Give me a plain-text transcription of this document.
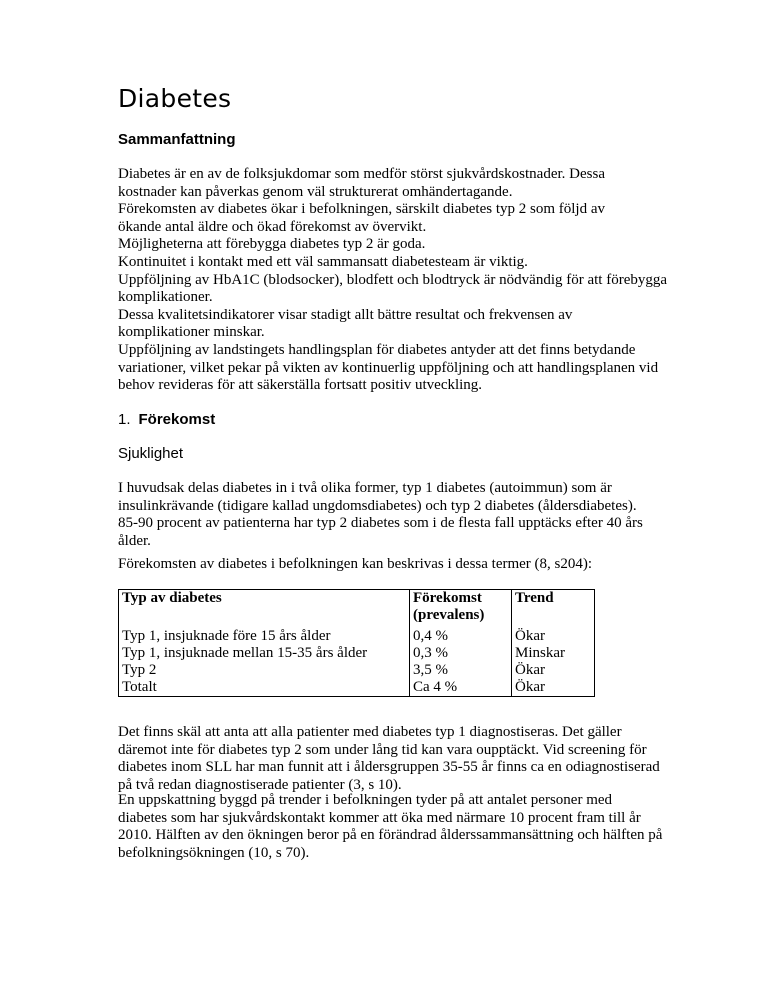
Diabetes
Sammanfattning
Diabetes är en av de folksjukdomar som medför störst sjukvårdskostnader. Dessa
kostnader kan påverkas genom väl strukturerat omhändertagande.
Förekomsten av diabetes ökar i befolkningen, särskilt diabetes typ 2 som följd av
ökande antal äldre och ökad förekomst av övervikt.
Möjligheterna att förebygga diabetes typ 2 är goda.
Kontinuitet i kontakt med ett väl sammansatt diabetesteam är viktig.
Uppföljning av HbA1C (blodsocker), blodfett och blodtryck är nödvändig för att förebygga
komplikationer.
Dessa kvalitetsindikatorer visar stadigt allt bättre resultat och frekvensen av
komplikationer minskar.
Uppföljning av landstingets handlingsplan för diabetes antyder att det finns betydande
variationer, vilket pekar på vikten av kontinuerlig uppföljning och att handlingsplanen vid
behov revideras för att säkerställa fortsatt positiv utveckling.
1. Förekomst
Sjuklighet
I huvudsak delas diabetes in i två olika former, typ 1 diabetes (autoimmun) som är
insulinkrävande (tidigare kallad ungdomsdiabetes) och typ 2 diabetes (åldersdiabetes).
85-90 procent av patienterna har typ 2 diabetes som i de flesta fall upptäcks efter 40 års
ålder.

Förekomsten av diabetes i befolkningen kan beskrivas i dessa termer (8, s204):

Typ av diabetes	Förekomst (prevalens)	Trend
Typ 1, insjuknade före 15 års ålder	0,4 %	Ökar
Typ 1, insjuknade mellan 15-35 års ålder	0,3 %	Minskar
Typ 2	3,5 %	Ökar
Totalt	Ca 4 %	Ökar
Det finns skäl att anta att alla patienter med diabetes typ 1 diagnostiseras. Det gäller
däremot inte för diabetes typ 2 som under lång tid kan vara oupptäckt. Vid screening för
diabetes inom SLL har man funnit att i åldersgruppen 35-55 år finns ca en odiagnostiserad
på två redan diagnostiserade patienter (3, s 10).
En uppskattning byggd på trender i befolkningen tyder på att antalet personer med
diabetes som har sjukvårdskontakt kommer att öka med närmare 10 procent fram till år
2010. Hälften av den ökningen beror på en förändrad ålderssammansättning och hälften på
befolkningsökningen (10, s 70).
